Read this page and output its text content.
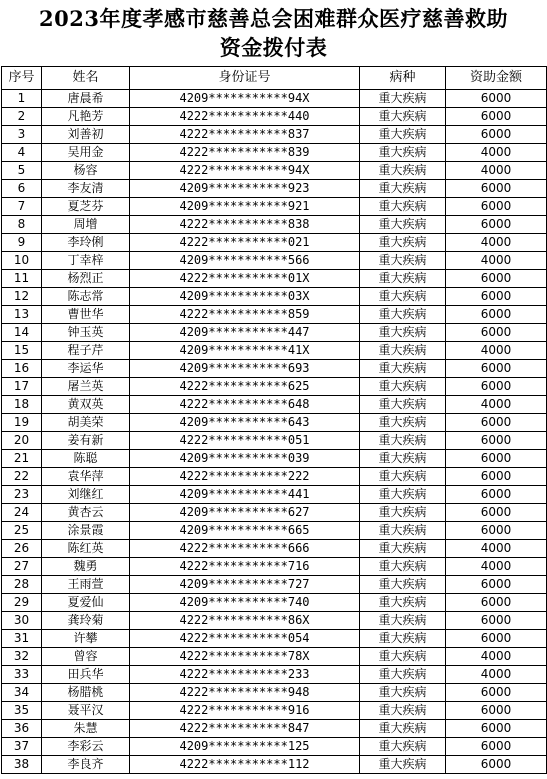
2023年度孝感市慈善总会困难群众医疗慈善救助
资金拨付表
序号	姓名	身份证号	病种	资助金额
1	唐晨希	4209***********94X	重大疾病	6000
2	凡艳芳	4222***********440	重大疾病	6000
3	刘善初	4222***********837	重大疾病	6000
4	吴用金	4222***********839	重大疾病	4000
5	杨容	4222***********94X	重大疾病	4000
6	李友清	4209***********923	重大疾病	6000
7	夏芝芬	4209***********921	重大疾病	6000
8	周增	4222***********838	重大疾病	6000
9	李玲俐	4222***********021	重大疾病	4000
10	丁幸梓	4209***********566	重大疾病	4000
11	杨烈正	4222***********01X	重大疾病	6000
12	陈志常	4209***********03X	重大疾病	6000
13	曹世华	4222***********859	重大疾病	6000
14	钟玉英	4209***********447	重大疾病	6000
15	程子芹	4209***********41X	重大疾病	4000
16	李运华	4209***********693	重大疾病	6000
17	屠兰英	4222***********625	重大疾病	6000
18	黄双英	4222***********648	重大疾病	4000
19	胡美荣	4209***********643	重大疾病	6000
20	姜有新	4222***********051	重大疾病	6000
21	陈聪	4209***********039	重大疾病	6000
22	袁华萍	4222***********222	重大疾病	6000
23	刘继红	4209***********441	重大疾病	6000
24	黄杏云	4209***********627	重大疾病	6000
25	涂景霞	4209***********665	重大疾病	6000
26	陈红英	4222***********666	重大疾病	4000
27	魏勇	4222***********716	重大疾病	4000
28	王雨萱	4209***********727	重大疾病	6000
29	夏爱仙	4209***********740	重大疾病	6000
30	龚玲菊	4222***********86X	重大疾病	6000
31	许攀	4222***********054	重大疾病	6000
32	曾容	4222***********78X	重大疾病	4000
33	田兵华	4222***********233	重大疾病	4000
34	杨腊桃	4222***********948	重大疾病	6000
35	聂平汉	4222***********916	重大疾病	6000
36	朱慧	4222***********847	重大疾病	6000
37	李彩云	4209***********125	重大疾病	6000
38	李良齐	4222***********112	重大疾病	6000
